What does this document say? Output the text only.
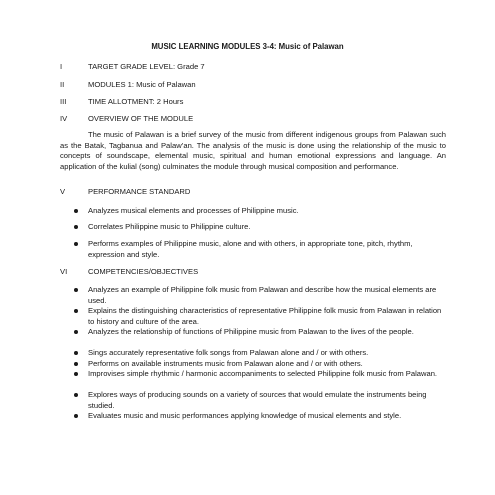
MUSIC LEARNING MODULES 3-4: Music of Palawan
I	TARGET GRADE LEVEL: Grade 7
II	MODULES 1: Music of Palawan
III	TIME ALLOTMENT: 2 Hours
IV	OVERVIEW OF THE MODULE
The music of Palawan is a brief survey of the music from different indigenous groups from Palawan such as the Batak, Tagbanua and Palaw’an. The analysis of the music is done using the relationship of the music to concepts of soundscape, elemental music, spiritual and human emotional expressions and language. An application of the kulial (song) culminates the module through musical composition and performance.
V	PERFORMANCE STANDARD
Analyzes musical elements and processes of Philippine music.
Correlates Philippine music to Philippine culture.
Performs examples of Philippine music, alone and with others, in appropriate tone, pitch, rhythm, expression and style.
VI	COMPETENCIES/OBJECTIVES
Analyzes an example of Philippine folk music from Palawan and describe how the musical elements are used.
Explains the distinguishing characteristics of representative Philippine folk music from Palawan in relation to history and culture of the area.
Analyzes the relationship of functions of Philippine music from Palawan to the lives of the people.
Sings accurately representative folk songs from Palawan alone and / or with others.
Performs on available instruments music from Palawan alone and / or with others.
Improvises simple rhythmic / harmonic accompaniments to selected Philippine folk music from Palawan.
Explores ways of producing sounds on a variety of sources that would emulate the instruments being studied.
Evaluates music and music performances applying knowledge of musical elements and style.
